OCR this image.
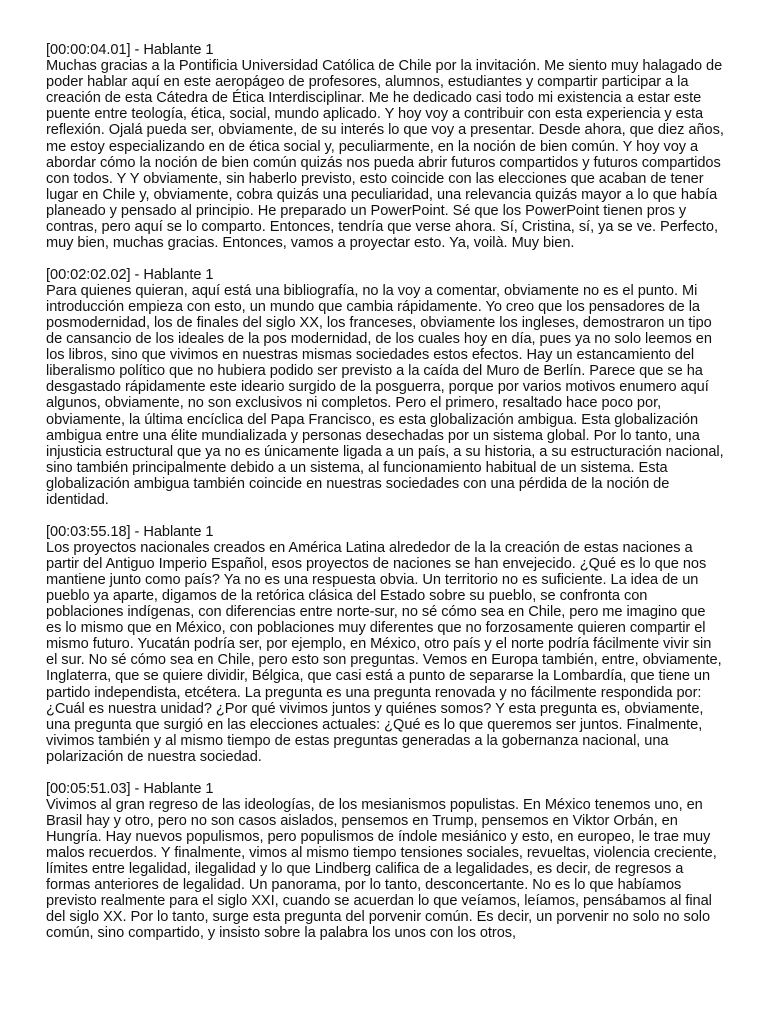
[00:00:04.01] - Hablante 1

Muchas gracias a la Pontificia Universidad Católica de Chile por la invitación. Me siento muy halagado de poder hablar aquí en este aeropágeo de profesores, alumnos, estudiantes y compartir participar a la creación de esta Cátedra de Ética Interdisciplinar. Me he dedicado casi todo mi existencia a estar este puente entre teología, ética, social, mundo aplicado. Y hoy voy a contribuir con esta experiencia y esta reflexión. Ojalá pueda ser, obviamente, de su interés lo que voy a presentar. Desde ahora, que diez años, me estoy especializando en de ética social y, peculiarmente, en la noción de bien común. Y hoy voy a abordar cómo la noción de bien común quizás nos pueda abrir futuros compartidos y futuros compartidos con todos. Y Y obviamente, sin haberlo previsto, esto coincide con las elecciones que acaban de tener lugar en Chile y, obviamente, cobra quizás una peculiaridad, una relevancia quizás mayor a lo que había planeado y pensado al principio. He preparado un PowerPoint. Sé que los PowerPoint tienen pros y contras, pero aquí se lo comparto. Entonces, tendría que verse ahora. Sí, Cristina, sí, ya se ve. Perfecto, muy bien, muchas gracias. Entonces, vamos a proyectar esto. Ya, voilà. Muy bien.

[00:02:02.02] - Hablante 1

Para quienes quieran, aquí está una bibliografía, no la voy a comentar, obviamente no es el punto. Mi introducción empieza con esto, un mundo que cambia rápidamente. Yo creo que los pensadores de la posmodernidad, los de finales del siglo XX, los franceses, obviamente los ingleses, demostraron un tipo de cansancio de los ideales de la pos modernidad, de los cuales hoy en día, pues ya no solo leemos en los libros, sino que vivimos en nuestras mismas sociedades estos efectos. Hay un estancamiento del liberalismo político que no hubiera podido ser previsto a la caída del Muro de Berlín. Parece que se ha desgastado rápidamente este ideario surgido de la posguerra, porque por varios motivos enumero aquí algunos, obviamente, no son exclusivos ni completos. Pero el primero, resaltado hace poco por, obviamente, la última encíclica del Papa Francisco, es esta globalización ambigua. Esta globalización ambigua entre una élite mundializada y personas desechadas por un sistema global. Por lo tanto, una injusticia estructural que ya no es únicamente ligada a un país, a su historia, a su estructuración nacional, sino también principalmente debido a un sistema, al funcionamiento habitual de un sistema. Esta globalización ambigua también coincide en nuestras sociedades con una pérdida de la noción de identidad.

[00:03:55.18] - Hablante 1

Los proyectos nacionales creados en América Latina alrededor de la la creación de estas naciones a partir del Antiguo Imperio Español, esos proyectos de naciones se han envejecido. ¿Qué es lo que nos mantiene junto como país? Ya no es una respuesta obvia. Un territorio no es suficiente. La idea de un pueblo ya aparte, digamos de la retórica clásica del Estado sobre su pueblo, se confronta con poblaciones indígenas, con diferencias entre norte-sur, no sé cómo sea en Chile, pero me imagino que es lo mismo que en México, con poblaciones muy diferentes que no forzosamente quieren compartir el mismo futuro. Yucatán podría ser, por ejemplo, en México, otro país y el norte podría fácilmente vivir sin el sur. No sé cómo sea en Chile, pero esto son preguntas. Vemos en Europa también, entre, obviamente, Inglaterra, que se quiere dividir, Bélgica, que casi está a punto de separarse la Lombardía, que tiene un partido independista, etcétera. La pregunta es una pregunta renovada y no fácilmente respondida por: ¿Cuál es nuestra unidad? ¿Por qué vivimos juntos y quiénes somos? Y esta pregunta es, obviamente, una pregunta que surgió en las elecciones actuales: ¿Qué es lo que queremos ser juntos. Finalmente, vivimos también y al mismo tiempo de estas preguntas generadas a la gobernanza nacional, una polarización de nuestra sociedad.

[00:05:51.03] - Hablante 1

Vivimos al gran regreso de las ideologías, de los mesianismos populistas. En México tenemos uno, en Brasil hay y otro, pero no son casos aislados, pensemos en Trump, pensemos en Viktor Orbán, en Hungría. Hay nuevos populismos, pero populismos de índole mesiánico y esto, en europeo, le trae muy malos recuerdos. Y finalmente, vimos al mismo tiempo tensiones sociales, revueltas, violencia creciente, límites entre legalidad, ilegalidad y lo que Lindberg califica de a legalidades, es decir, de regresos a formas anteriores de legalidad. Un panorama, por lo tanto, desconcertante. No es lo que habíamos previsto realmente para el siglo XXI, cuando se acuerdan lo que veíamos, leíamos, pensábamos al final del siglo XX. Por lo tanto, surge esta pregunta del porvenir común. Es decir, un porvenir no solo no solo común, sino compartido, y insisto sobre la palabra los unos con los otros,
